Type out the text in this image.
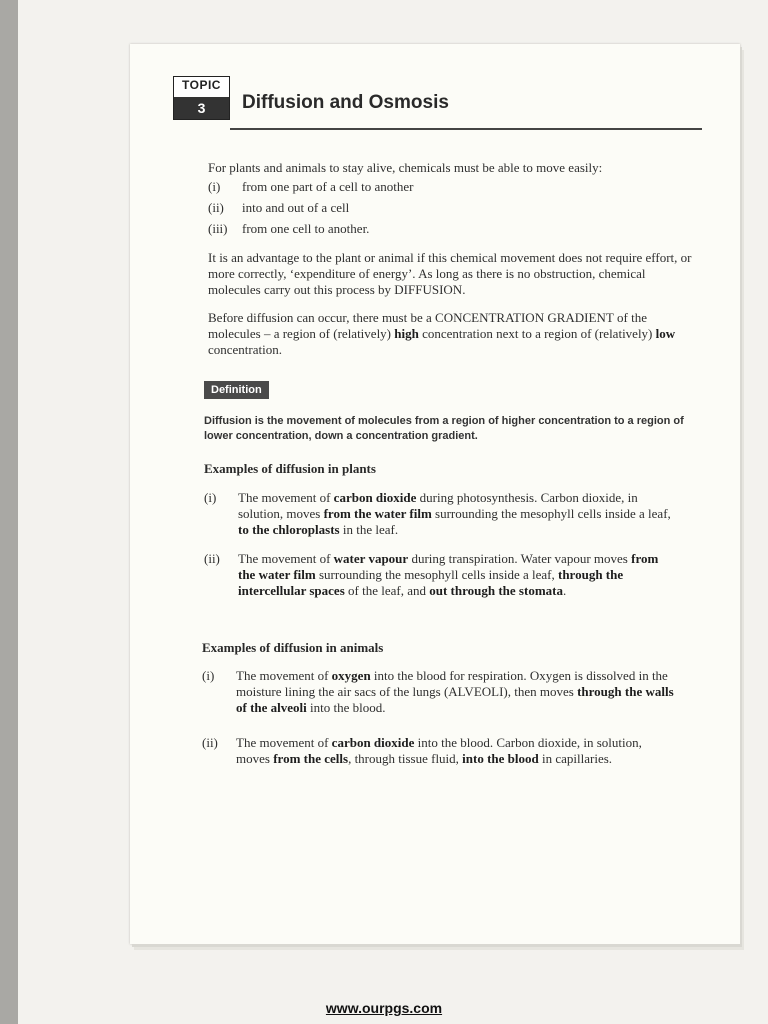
TOPIC
3	Diffusion and Osmosis
For plants and animals to stay alive, chemicals must be able to move easily:
(i) from one part of a cell to another
(ii) into and out of a cell
(iii) from one cell to another.
It is an advantage to the plant or animal if this chemical movement does not require effort, or more correctly, ‘expenditure of energy’. As long as there is no obstruction, chemical molecules carry out this process by DIFFUSION.
Before diffusion can occur, there must be a CONCENTRATION GRADIENT of the molecules – a region of (relatively) high concentration next to a region of (relatively) low concentration.
Definition
Diffusion is the movement of molecules from a region of higher concentration to a region of lower concentration, down a concentration gradient.
Examples of diffusion in plants
(i) The movement of carbon dioxide during photosynthesis. Carbon dioxide, in solution, moves from the water film surrounding the mesophyll cells inside a leaf, to the chloroplasts in the leaf.
(ii) The movement of water vapour during transpiration. Water vapour moves from the water film surrounding the mesophyll cells inside a leaf, through the intercellular spaces of the leaf, and out through the stomata.
Examples of diffusion in animals
(i) The movement of oxygen into the blood for respiration. Oxygen is dissolved in the moisture lining the air sacs of the lungs (ALVEOLI), then moves through the walls of the alveoli into the blood.
(ii) The movement of carbon dioxide into the blood. Carbon dioxide, in solution, moves from the cells, through tissue fluid, into the blood in capillaries.
www.ourpgs.com
